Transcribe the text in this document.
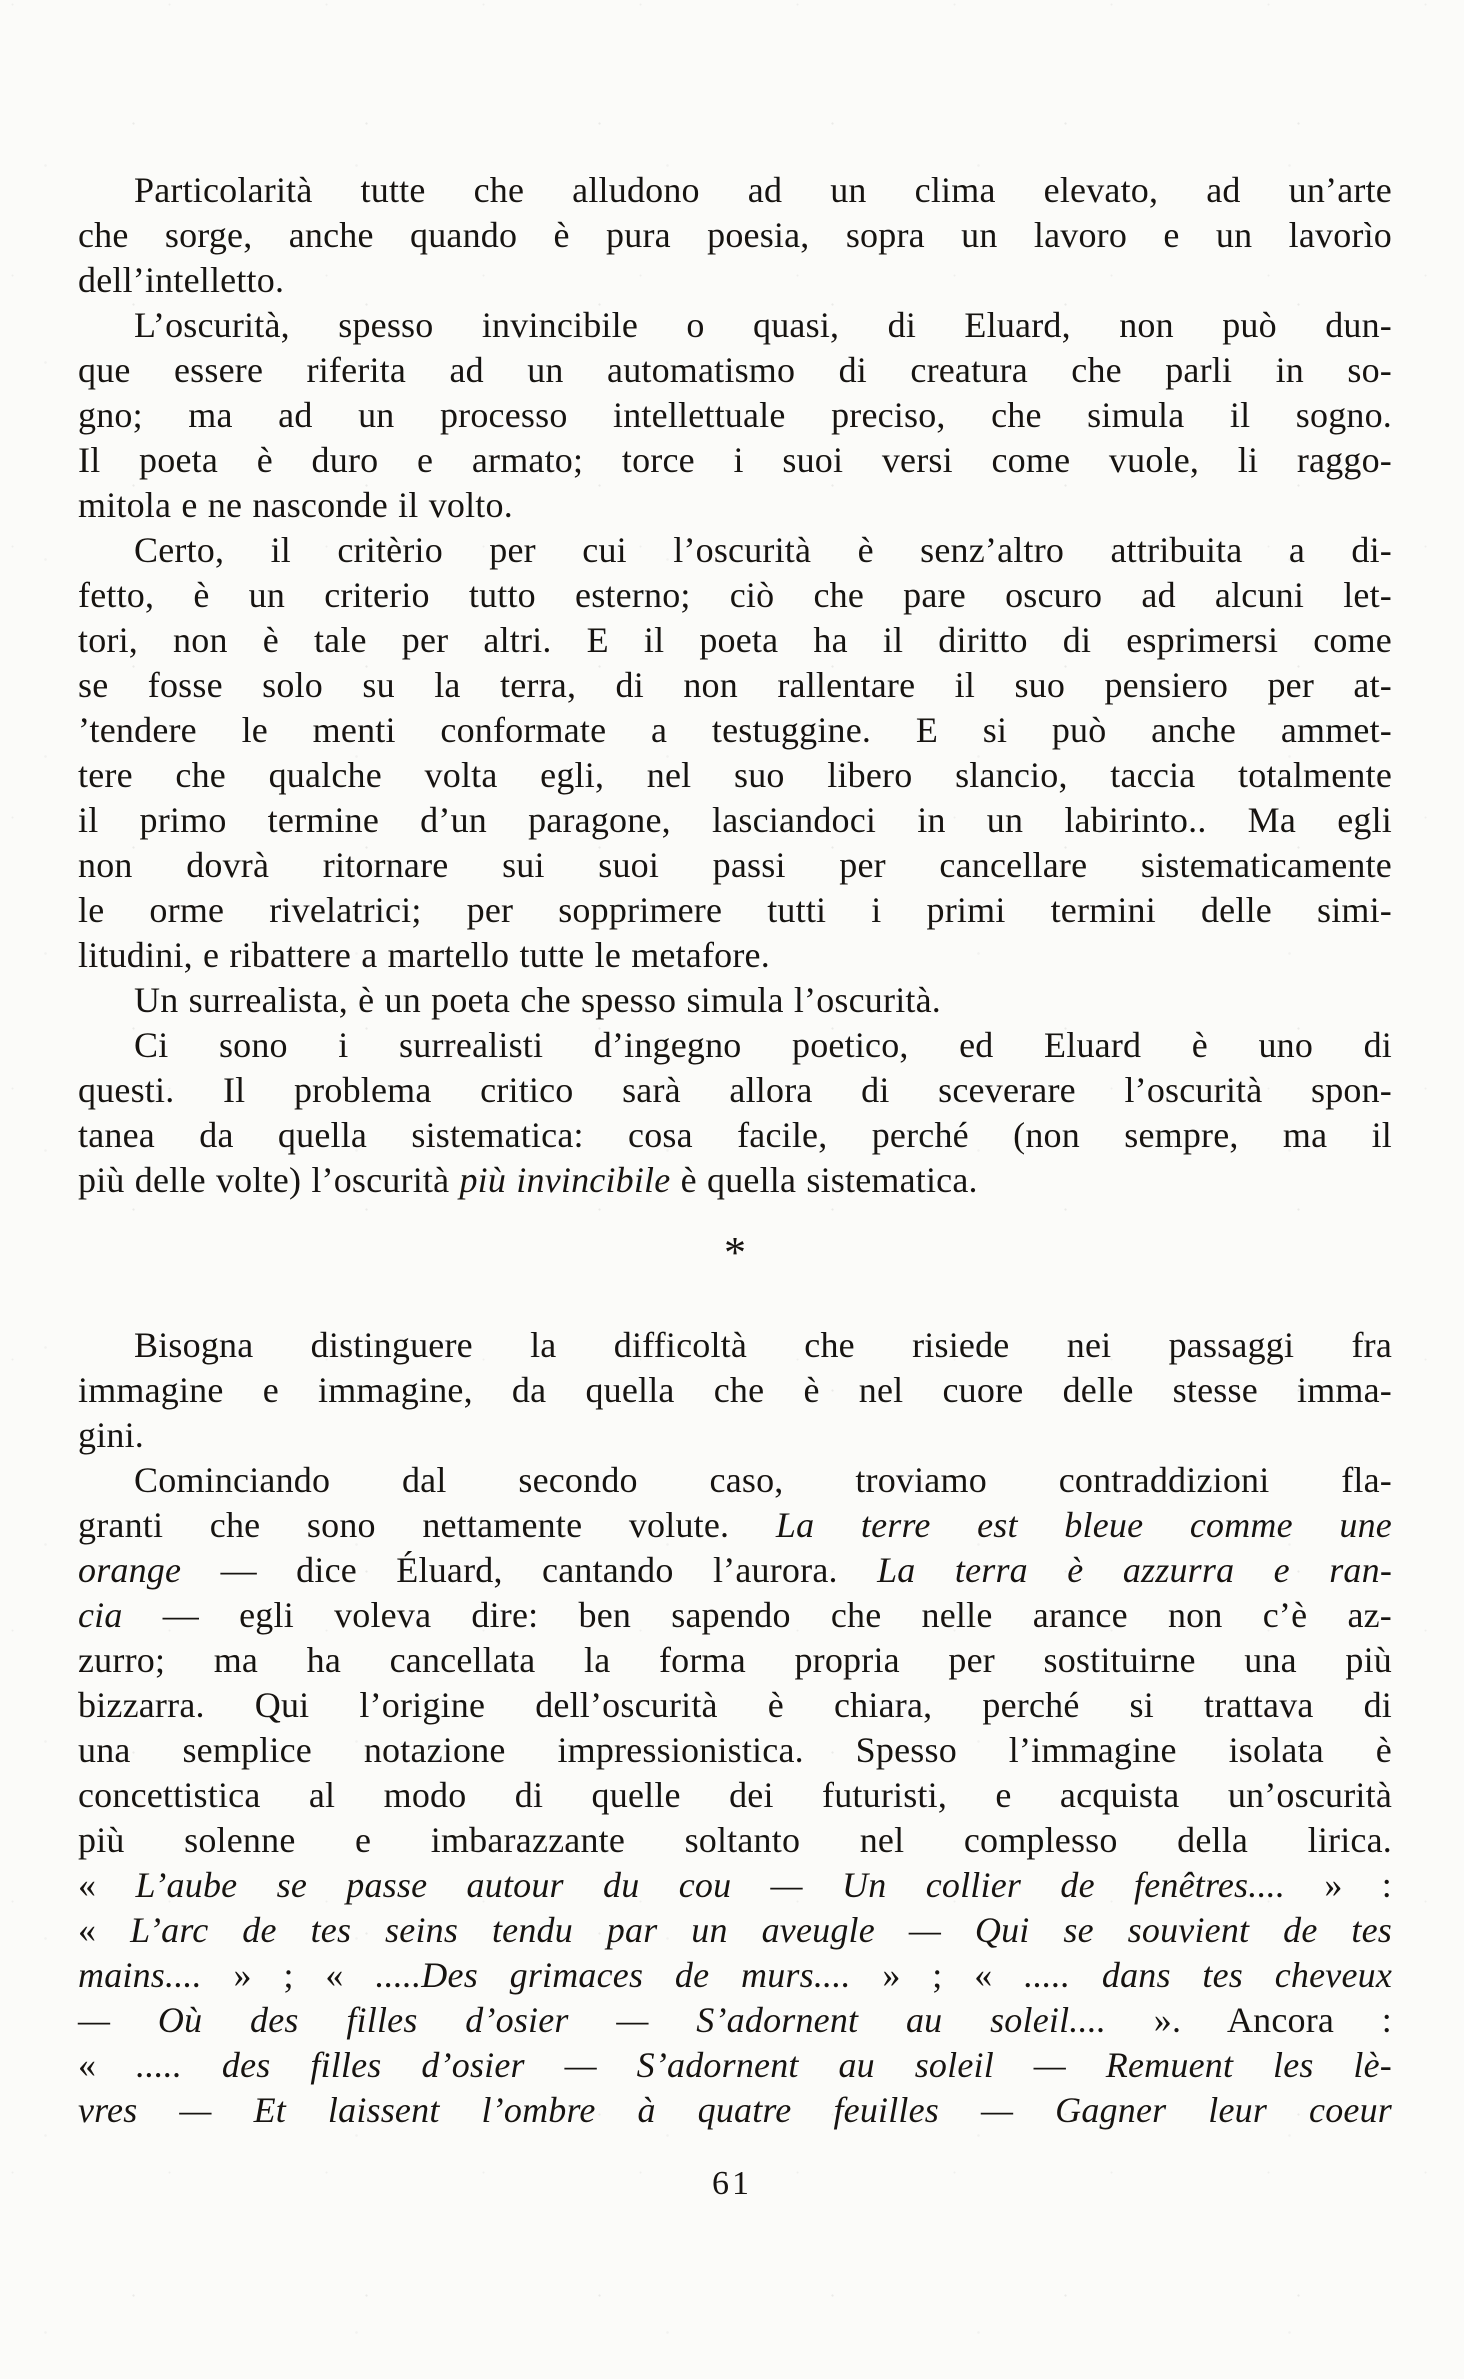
Particolarità tutte che alludono ad un clima elevato, ad un’arte
che sorge, anche quando è pura poesia, sopra un lavoro e un lavorìo
dell’intelletto.
L’oscurità, spesso invincibile o quasi, di Eluard, non può dun-
que essere riferita ad un automatismo di creatura che parli in so-
gno; ma ad un processo intellettuale preciso, che simula il sogno.
Il poeta è duro e armato; torce i suoi versi come vuole, li raggo-
mitola e ne nasconde il volto.
Certo, il critèrio per cui l’oscurità è senz’altro attribuita a di-
fetto, è un criterio tutto esterno; ciò che pare oscuro ad alcuni let-
tori, non è tale per altri. E il poeta ha il diritto di esprimersi come
se fosse solo su la terra, di non rallentare il suo pensiero per at-
’tendere le menti conformate a testuggine. E si può anche ammet-
tere che qualche volta egli, nel suo libero slancio, taccia totalmente
il primo termine d’un paragone, lasciandoci in un labirinto.. Ma egli
non dovrà ritornare sui suoi passi per cancellare sistematicamente
le orme rivelatrici; per sopprimere tutti i primi termini delle simi-
litudini, e ribattere a martello tutte le metafore.
Un surrealista, è un poeta che spesso simula l’oscurità.
Ci sono i surrealisti d’ingegno poetico, ed Eluard è uno di
questi. Il problema critico sarà allora di sceverare l’oscurità spon-
tanea da quella sistematica: cosa facile, perché (non sempre, ma il
più delle volte) l’oscurità più invincibile è quella sistematica.
*
Bisogna distinguere la difficoltà che risiede nei passaggi fra
immagine e immagine, da quella che è nel cuore delle stesse imma-
gini.
Cominciando dal secondo caso, troviamo contraddizioni fla-
granti che sono nettamente volute. La terre est bleue comme une
orange — dice Éluard, cantando l’aurora. La terra è azzurra e ran-
cia — egli voleva dire: ben sapendo che nelle arance non c’è az-
zurro; ma ha cancellata la forma propria per sostituirne una più
bizzarra. Qui l’origine dell’oscurità è chiara, perché si trattava di
una semplice notazione impressionistica. Spesso l’immagine isolata è
concettistica al modo di quelle dei futuristi, e acquista un’oscurità
più solenne e imbarazzante soltanto nel complesso della lirica.
« L’aube se passe autour du cou — Un collier de fenêtres.... » :
« L’arc de tes seins tendu par un aveugle — Qui se souvient de tes
mains.... » ; « .....Des grimaces de murs.... » ; « ..... dans tes cheveux
— Où des filles d’osier — S’adornent au soleil.... ». Ancora :
« ..... des filles d’osier — S’adornent au soleil — Remuent les lè-
vres — Et laissent l’ombre à quatre feuilles — Gagner leur coeur
61
